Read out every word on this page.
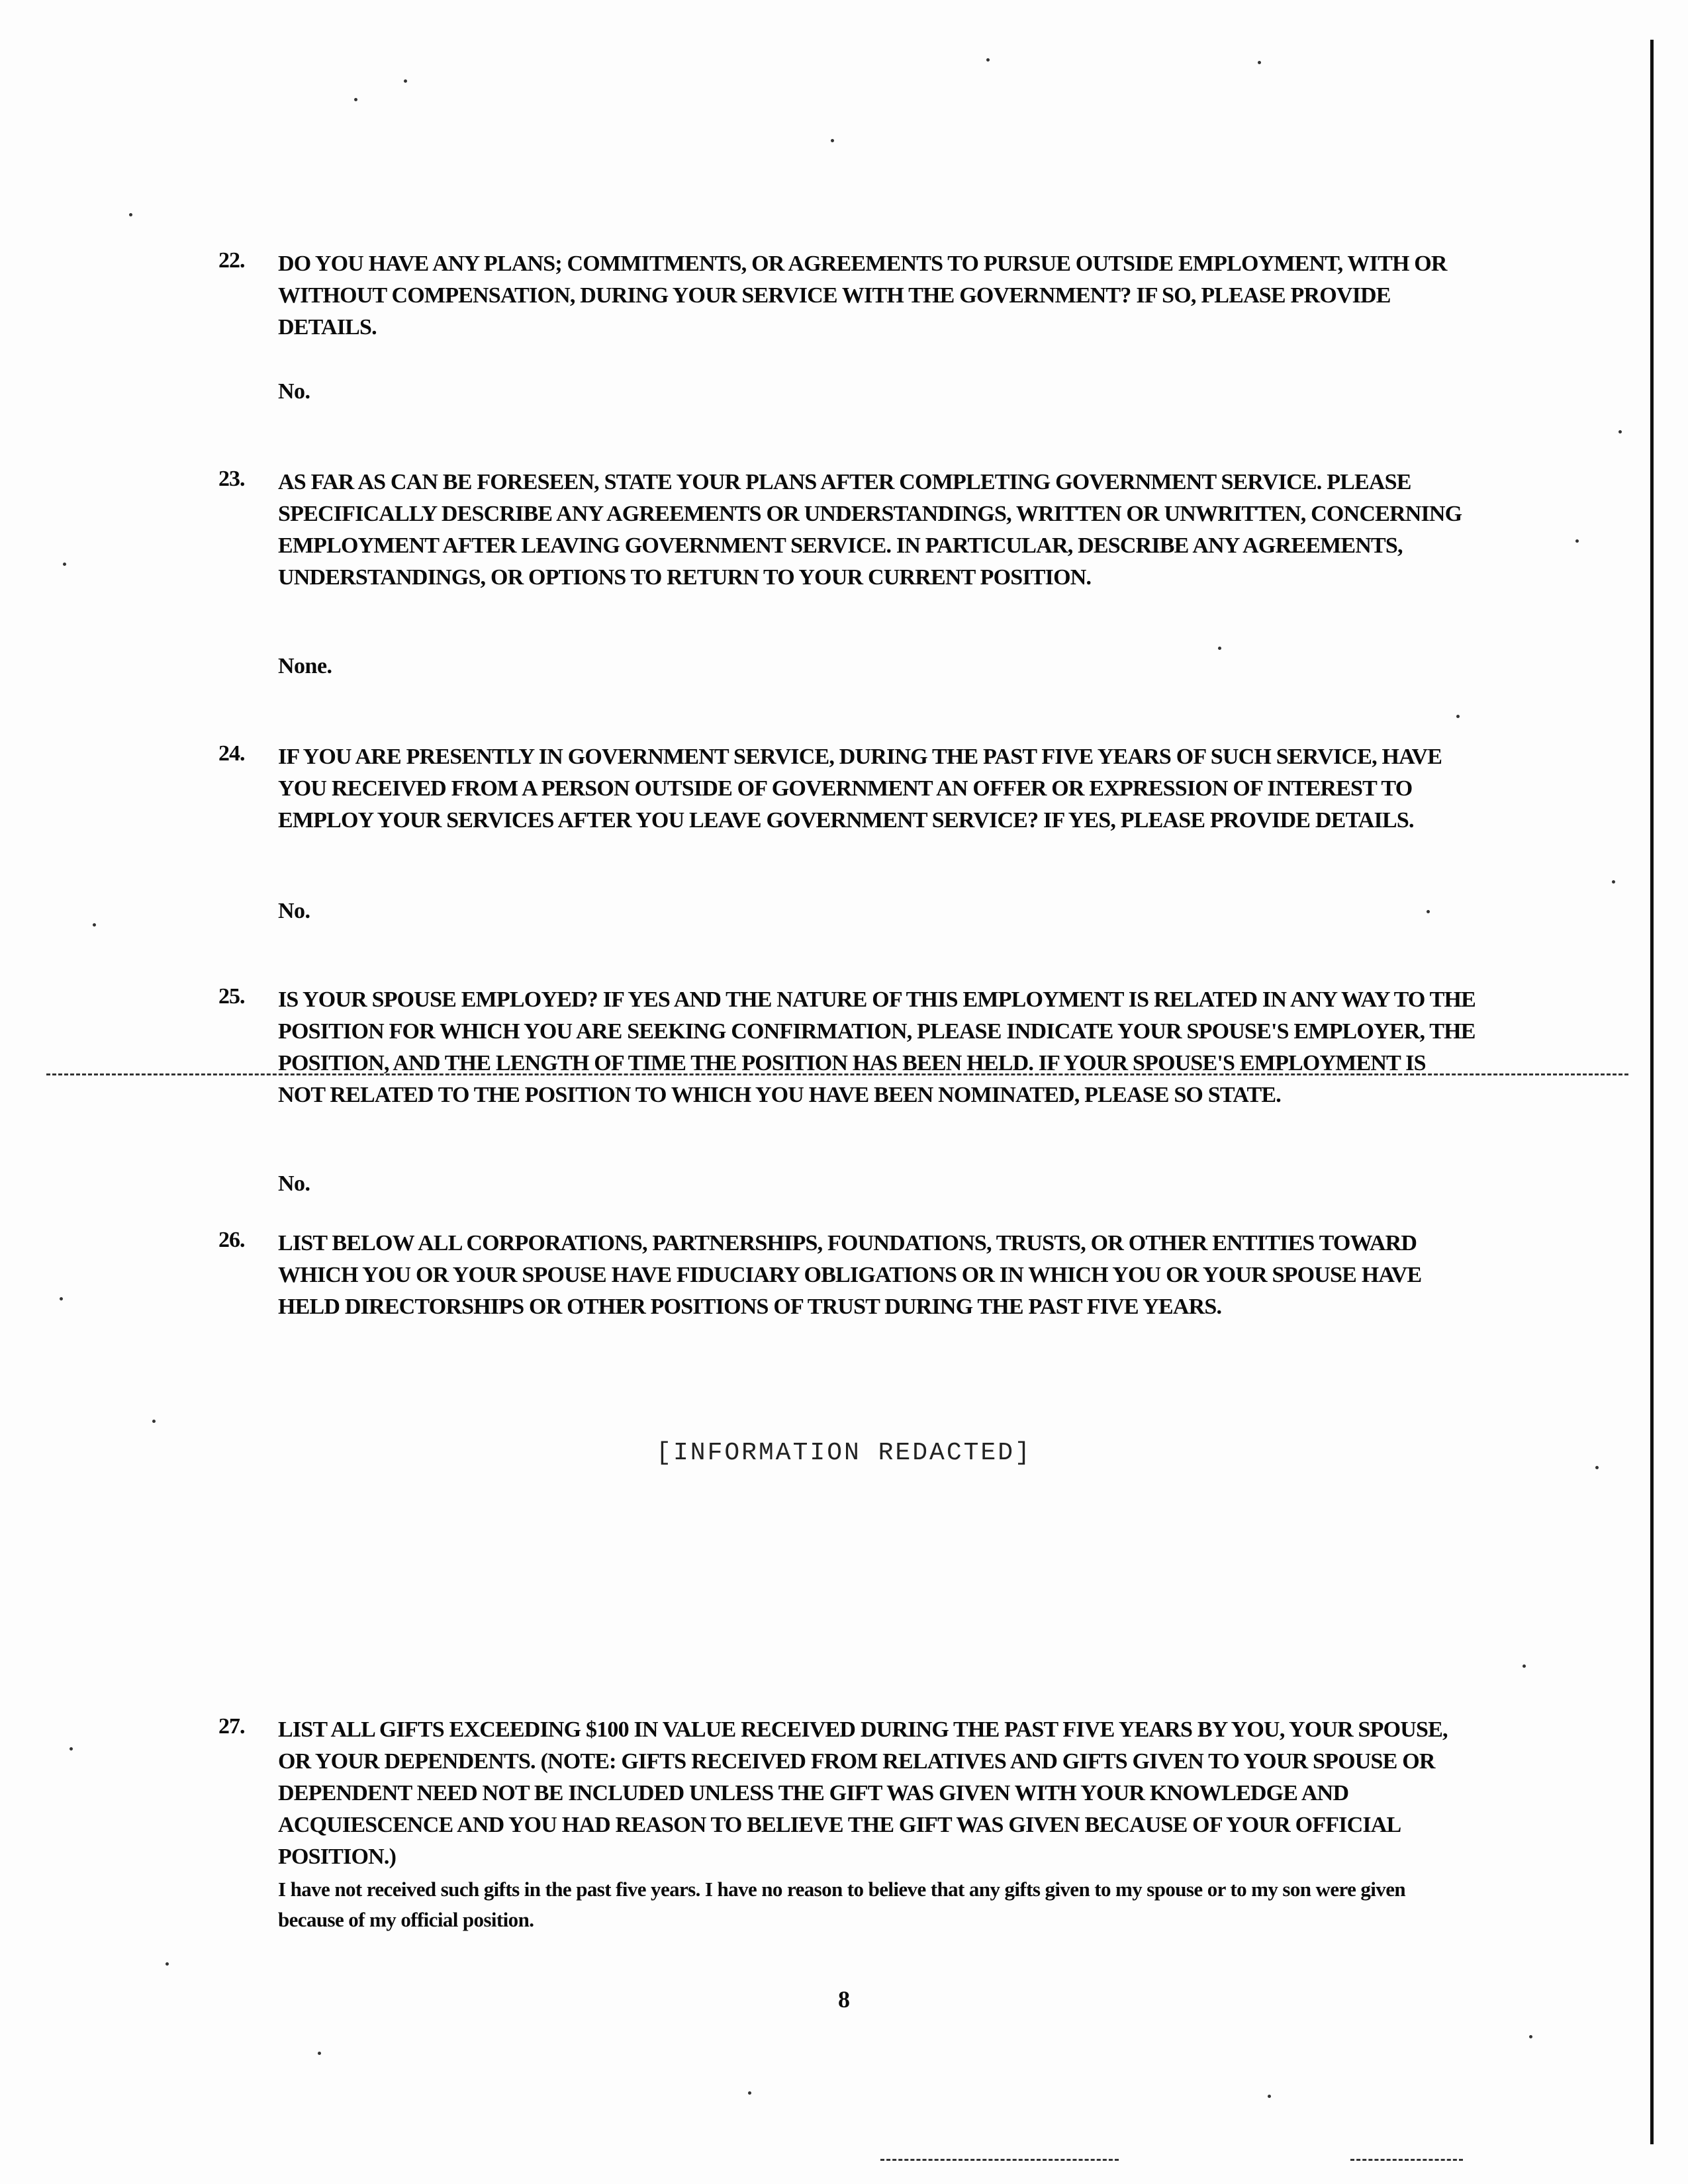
22. DO YOU HAVE ANY PLANS; COMMITMENTS, OR AGREEMENTS TO PURSUE OUTSIDE EMPLOYMENT, WITH OR WITHOUT COMPENSATION, DURING YOUR SERVICE WITH THE GOVERNMENT? IF SO, PLEASE PROVIDE DETAILS.
No.
23. AS FAR AS CAN BE FORESEEN, STATE YOUR PLANS AFTER COMPLETING GOVERNMENT SERVICE. PLEASE SPECIFICALLY DESCRIBE ANY AGREEMENTS OR UNDERSTANDINGS, WRITTEN OR UNWRITTEN, CONCERNING EMPLOYMENT AFTER LEAVING GOVERNMENT SERVICE. IN PARTICULAR, DESCRIBE ANY AGREEMENTS, UNDERSTANDINGS, OR OPTIONS TO RETURN TO YOUR CURRENT POSITION.
None.
24. IF YOU ARE PRESENTLY IN GOVERNMENT SERVICE, DURING THE PAST FIVE YEARS OF SUCH SERVICE, HAVE YOU RECEIVED FROM A PERSON OUTSIDE OF GOVERNMENT AN OFFER OR EXPRESSION OF INTEREST TO EMPLOY YOUR SERVICES AFTER YOU LEAVE GOVERNMENT SERVICE? IF YES, PLEASE PROVIDE DETAILS.
No.
25. IS YOUR SPOUSE EMPLOYED? IF YES AND THE NATURE OF THIS EMPLOYMENT IS RELATED IN ANY WAY TO THE POSITION FOR WHICH YOU ARE SEEKING CONFIRMATION, PLEASE INDICATE YOUR SPOUSE'S EMPLOYER, THE POSITION, AND THE LENGTH OF TIME THE POSITION HAS BEEN HELD. IF YOUR SPOUSE'S EMPLOYMENT IS NOT RELATED TO THE POSITION TO WHICH YOU HAVE BEEN NOMINATED, PLEASE SO STATE.
No.
26. LIST BELOW ALL CORPORATIONS, PARTNERSHIPS, FOUNDATIONS, TRUSTS, OR OTHER ENTITIES TOWARD WHICH YOU OR YOUR SPOUSE HAVE FIDUCIARY OBLIGATIONS OR IN WHICH YOU OR YOUR SPOUSE HAVE HELD DIRECTORSHIPS OR OTHER POSITIONS OF TRUST DURING THE PAST FIVE YEARS.
[INFORMATION REDACTED]
27. LIST ALL GIFTS EXCEEDING $100 IN VALUE RECEIVED DURING THE PAST FIVE YEARS BY YOU, YOUR SPOUSE, OR YOUR DEPENDENTS. (NOTE: GIFTS RECEIVED FROM RELATIVES AND GIFTS GIVEN TO YOUR SPOUSE OR DEPENDENT NEED NOT BE INCLUDED UNLESS THE GIFT WAS GIVEN WITH YOUR KNOWLEDGE AND ACQUIESCENCE AND YOU HAD REASON TO BELIEVE THE GIFT WAS GIVEN BECAUSE OF YOUR OFFICIAL POSITION.)
I have not received such gifts in the past five years. I have no reason to believe that any gifts given to my spouse or to my son were given because of my official position.
8
